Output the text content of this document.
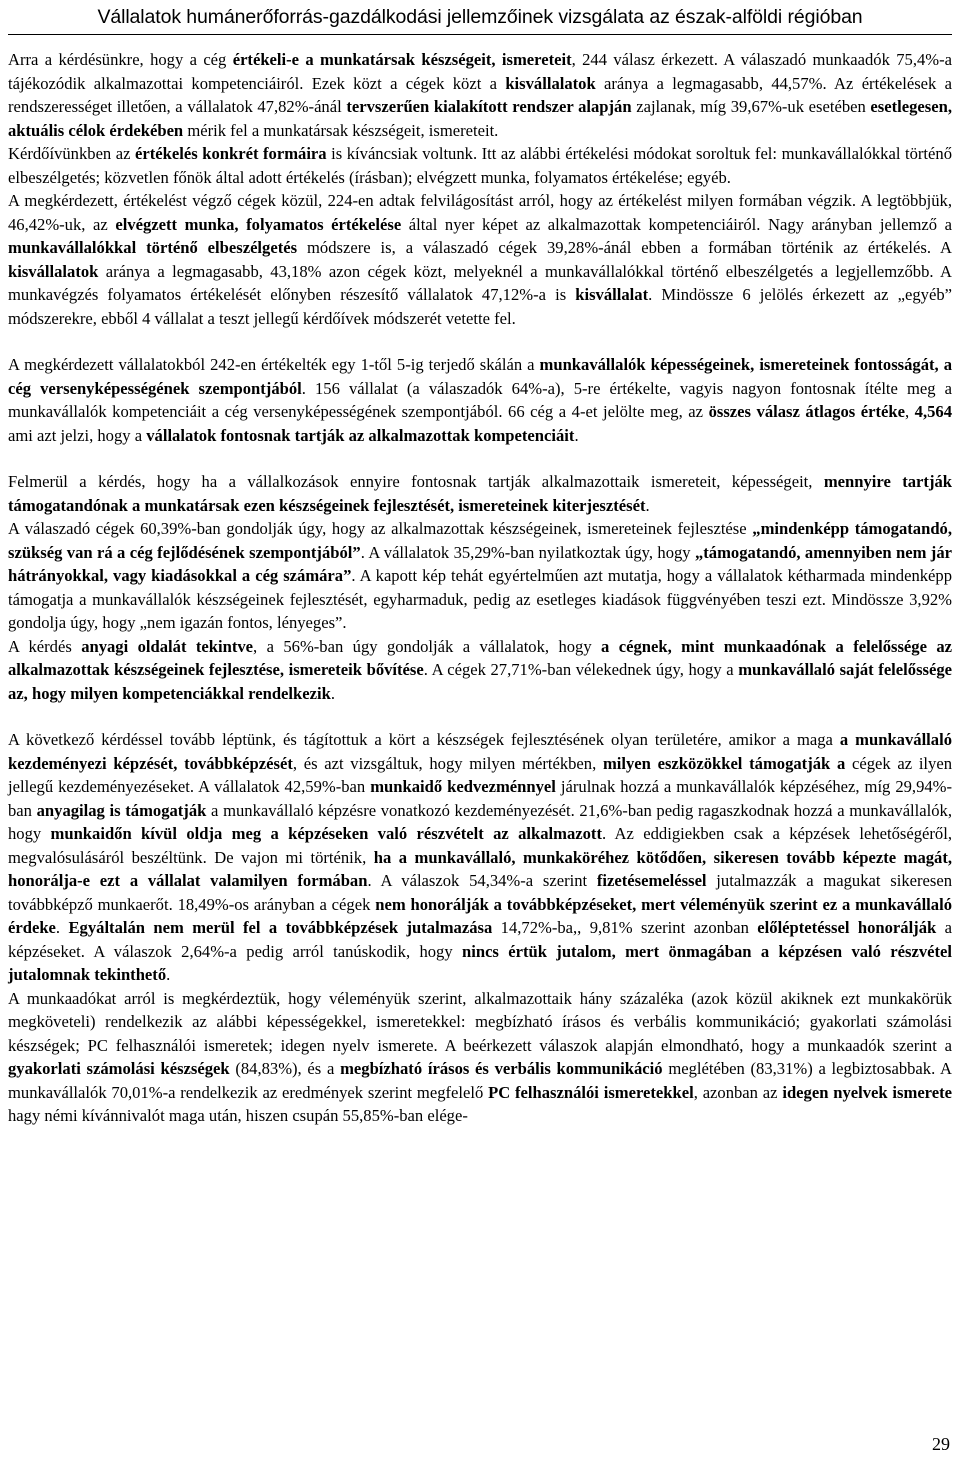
Vállalatok humánerőforrás-gazdálkodási jellemzőinek vizsgálata az észak-alföldi régióban

Arra a kérdésünkre, hogy a cég értékeli-e a munkatársak készségeit, ismereteit, 244 válasz érkezett. A válaszadó munkaadók 75,4%-a tájékozódik alkalmazottai kompetenciáiról. Ezek közt a cégek közt a kisvállalatok aránya a legmagasabb, 44,57%. Az értékelések a rendszerességet illetően, a vállalatok 47,82%-ánál tervszerűen kialakított rendszer alapján zajlanak, míg 39,67%-uk esetében esetlegesen, aktuális célok érdekében mérik fel a munkatársak készségeit, ismereteit.

Kérdőívünkben az értékelés konkrét formáira is kíváncsiak voltunk. Itt az alábbi értékelési módokat soroltuk fel: munkavállalókkal történő elbeszélgetés; közvetlen főnök által adott értékelés (írásban); elvégzett munka, folyamatos értékelése; egyéb.

A megkérdezett, értékelést végző cégek közül, 224-en adtak felvilágosítást arról, hogy az értékelést milyen formában végzik. A legtöbbjük, 46,42%-uk, az elvégzett munka, folyamatos értékelése által nyer képet az alkalmazottak kompetenciáiról. Nagy arányban jellemző a munkavállalókkal történő elbeszélgetés módszere is, a válaszadó cégek 39,28%-ánál ebben a formában történik az értékelés. A kisvállalatok aránya a legmagasabb, 43,18% azon cégek közt, melyeknél a munkavállalókkal történő elbeszélgetés a legjellemzőbb. A munkavégzés folyamatos értékelését előnyben részesítő vállalatok 47,12%-a is kisvállalat. Mindössze 6 jelölés érkezett az „egyéb” módszerekre, ebből 4 vállalat a teszt jellegű kérdőívek módszerét vetette fel.

A megkérdezett vállalatokból 242-en értékelték egy 1-től 5-ig terjedő skálán a munkavállalók képességeinek, ismereteinek fontosságát, a cég versenyképességének szempontjából. 156 vállalat (a válaszadók 64%-a), 5-re értékelte, vagyis nagyon fontosnak ítélte meg a munkavállalók kompetenciáit a cég versenyképességének szempontjából. 66 cég a 4-et jelölte meg, az összes válasz átlagos értéke, 4,564 ami azt jelzi, hogy a vállalatok fontosnak tartják az alkalmazottak kompetenciáit.

Felmerül a kérdés, hogy ha a vállalkozások ennyire fontosnak tartják alkalmazottaik ismereteit, képességeit, mennyire tartják támogatandónak a munkatársak ezen készségeinek fejlesztését, ismereteinek kiterjesztését.

A válaszadó cégek 60,39%-ban gondolják úgy, hogy az alkalmazottak készségeinek, ismereteinek fejlesztése „mindenképp támogatandó, szükség van rá a cég fejlődésének szempontjából”. A vállalatok 35,29%-ban nyilatkoztak úgy, hogy „támogatandó, amennyiben nem jár hátrányokkal, vagy kiadásokkal a cég számára”. A kapott kép tehát egyértelműen azt mutatja, hogy a vállalatok kétharmada mindenképp támogatja a munkavállalók készségeinek fejlesztését, egyharmaduk, pedig az esetleges kiadások függvényében teszi ezt. Mindössze 3,92% gondolja úgy, hogy „nem igazán fontos, lényeges”.

A kérdés anyagi oldalát tekintve, a 56%-ban úgy gondolják a vállalatok, hogy a cégnek, mint munkaadónak a felelőssége az alkalmazottak készségeinek fejlesztése, ismereteik bővítése. A cégek 27,71%-ban vélekednek úgy, hogy a munkavállaló saját felelőssége az, hogy milyen kompetenciákkal rendelkezik.

A következő kérdéssel tovább léptünk, és tágítottuk a kört a készségek fejlesztésének olyan területére, amikor a maga a munkavállaló kezdeményezi képzését, továbbképzését, és azt vizsgáltuk, hogy milyen mértékben, milyen eszközökkel támogatják a cégek az ilyen jellegű kezdeményezéseket. A vállalatok 42,59%-ban munkaidő kedvezménnyel járulnak hozzá a munkavállalók képzéséhez, míg 29,94%-ban anyagilag is támogatják a munkavállaló képzésre vonatkozó kezdeményezését. 21,6%-ban pedig ragaszkodnak hozzá a munkavállalók, hogy munkaidőn kívül oldja meg a képzéseken való részvételt az alkalmazott. Az eddigiekben csak a képzések lehetőségéről, megvalósulásáról beszéltünk. De vajon mi történik, ha a munkavállaló, munkaköréhez kötődően, sikeresen tovább képezte magát, honorálja-e ezt a vállalat valamilyen formában. A válaszok 54,34%-a szerint fizetésemeléssel jutalmazzák a magukat sikeresen továbbképző munkaerőt. 18,49%-os arányban a cégek nem honorálják a továbbképzéseket, mert véleményük szerint ez a munkavállaló érdeke. Egyáltalán nem merül fel a továbbképzések jutalmazása 14,72%-ba,, 9,81% szerint azonban előléptetéssel honorálják a képzéseket. A válaszok 2,64%-a pedig arról tanúskodik, hogy nincs értük jutalom, mert önmagában a képzésen való részvétel jutalomnak tekinthető.

A munkaadókat arról is megkérdeztük, hogy véleményük szerint, alkalmazottaik hány százaléka (azok közül akiknek ezt munkakörük megköveteli) rendelkezik az alábbi képességekkel, ismeretekkel: megbízható írásos és verbális kommunikáció; gyakorlati számolási készségek; PC felhasználói ismeretek; idegen nyelv ismerete. A beérkezett válaszok alapján elmondható, hogy a munkaadók szerint a gyakorlati számolási készségek (84,83%), és a megbízható írásos és verbális kommunikáció meglétében (83,31%) a legbiztosabbak. A munkavállalók 70,01%-a rendelkezik az eredmények szerint megfelelő PC felhasználói ismeretekkel, azonban az idegen nyelvek ismerete hagy némi kívánnivalót maga után, hiszen csupán 55,85%-ban elége-

29
